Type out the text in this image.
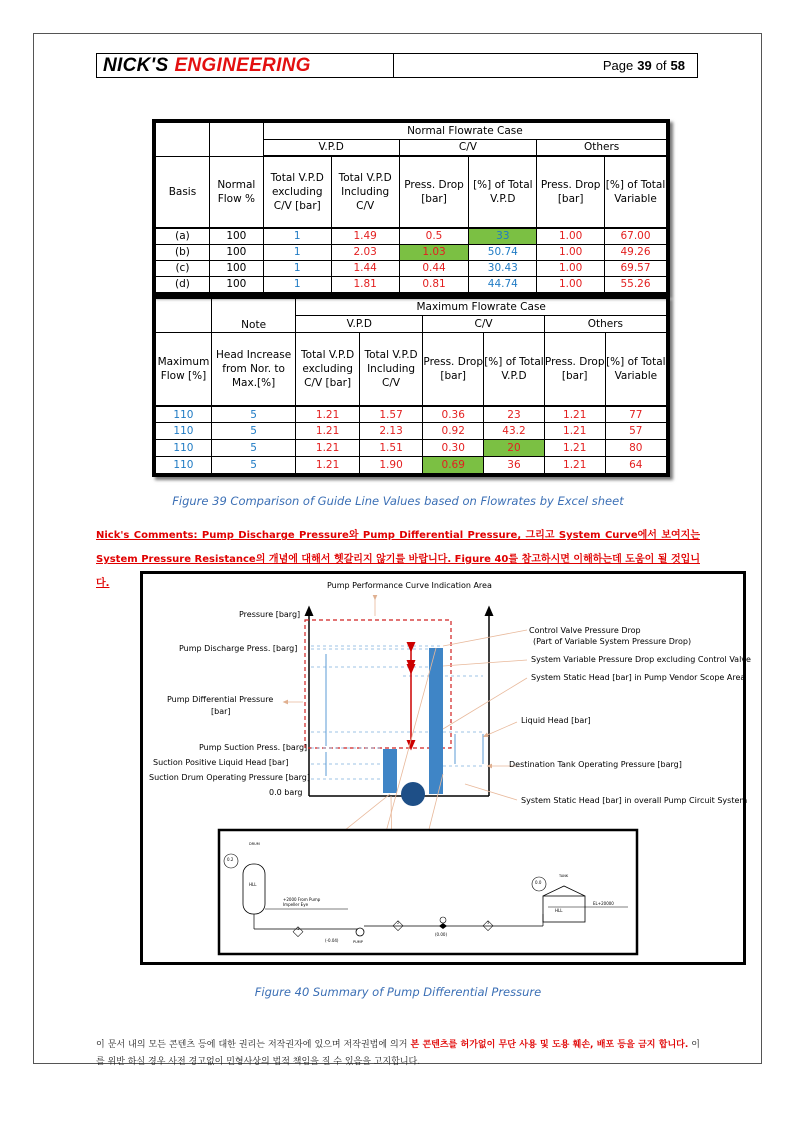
NICK'S ENGINEERING	Page 39 of 58
		Normal Flowrate Case					
		V.P.D		C/V		Others	

Basis	Normal Flow %	Total V.P.D excluding C/V [bar]	Total V.P.D Including C/V	Press. Drop [bar]	[%] of Total V.P.D	Press. Drop [bar]	[%] of Total Variable
(a)	100	1	1.49	0.5	33	1.00	67.00
(b)	100	1	2.03	1.03	50.74	1.00	49.26
(c)	100	1	1.44	0.44	30.43	1.00	69.57
(d)	100	1	1.81	0.81	44.74	1.00	55.26
	Note	Maximum Flowrate Case					
		V.P.D		C/V		Others	
Maximum Flow [%]	Head Increase from Nor. to Max.[%]	Total V.P.D excluding C/V [bar]	Total V.P.D Including C/V	Press. Drop [bar]	[%] of Total V.P.D	Press. Drop [bar]	[%] of Total Variable
110	5	1.21	1.57	0.36	23	1.21	77
110	5	1.21	2.13	0.92	43.2	1.21	57
110	5	1.21	1.51	0.30	20	1.21	80
110	5	1.21	1.90	0.69	36	1.21	64
Figure 39 Comparison of Guide Line Values based on Flowrates by Excel sheet
Nick's Comments: Pump Discharge Pressure와 Pump Differential Pressure, 그리고 System Curve에서 보여지는 System Pressure Resistance의 개념에 대해서 헷갈리지 않기를 바랍니다. Figure 40를 참고하시면 이해하는데 도움이 될 것입니다.	Pump Performance Curve Indication Area
Pressure [barg]
Pump Discharge Press. [barg]
Pump Differential Pressure
[bar]
Pump Suction Press. [barg]
Suction Positive Liquid Head [bar]
Suction Drum Operating Pressure [barg]
0.0 barg
Control Valve Pressure Drop
(Part of Variable System Pressure Drop)
System Variable Pressure Drop excluding Control Valve
System Static Head [bar] in Pump Vendor Scope Area
Liquid Head [bar]
Destination Tank Operating Pressure [barg]
System Static Head [bar] in overall Pump Circuit System
DRUM
0.2
HLL
+2000 From Pump Impeller Eye
TANK
0.0
HLL
EL+20000
PUMP
(-0.04)
(0.00)
1
2	3
Figure 40 Summary of Pump Differential Pressure
이 문서 내의 모든 콘텐츠 등에 대한 권리는 저작권자에 있으며 저작권법에 의거 본 콘텐츠를 허가없이 무단 사용 및 도용 훼손, 배포 등을 금지 합니다. 이를 위반 하실 경우 사전 경고없이 민형사상의 법적 책임을 질 수 있음을 고지합니다.
